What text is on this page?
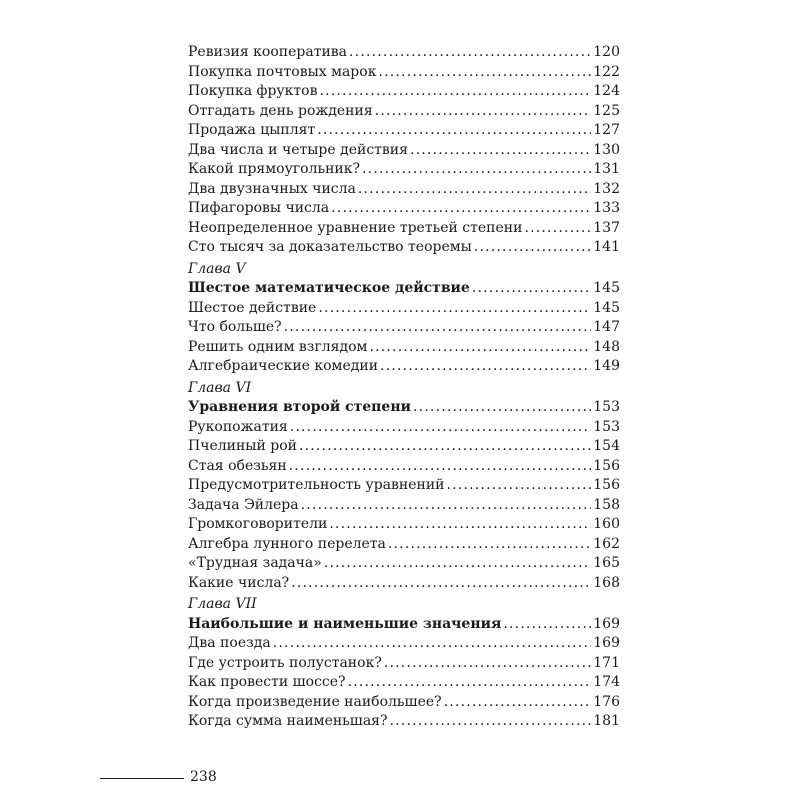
Ревизия кооператива .....	120
Покупка почтовых марок .....	122
Покупка фруктов .....	124
Отгадать день рождения .....	125
Продажа цыплят .....	127
Два числа и четыре действия .....	130
Какой прямоугольник? .....	131
Два двузначных числа .....	132
Пифагоровы числа .....	133
Неопределенное уравнение третьей степени .....	137
Сто тысяч за доказательство теоремы .....	141
Глава V
Шестое математическое действие .....	145
Шестое действие .....	145
Что больше? .....	147
Решить одним взглядом .....	148
Алгебраические комедии .....	149
Глава VI
Уравнения второй степени .....	153
Рукопожатия .....	153
Пчелиный рой .....	154
Стая обезьян .....	156
Предусмотрительность уравнений .....	156
Задача Эйлера .....	158
Громкоговорители .....	160
Алгебра лунного перелета .....	162
«Трудная задача» .....	165
Какие числа? .....	168
Глава VII
Наибольшие и наименьшие значения .....	169
Два поезда .....	169
Где устроить полустанок? .....	171
Как провести шоссе? .....	174
Когда произведение наибольшее? .....	176
Когда сумма наименьшая? .....	181
238
